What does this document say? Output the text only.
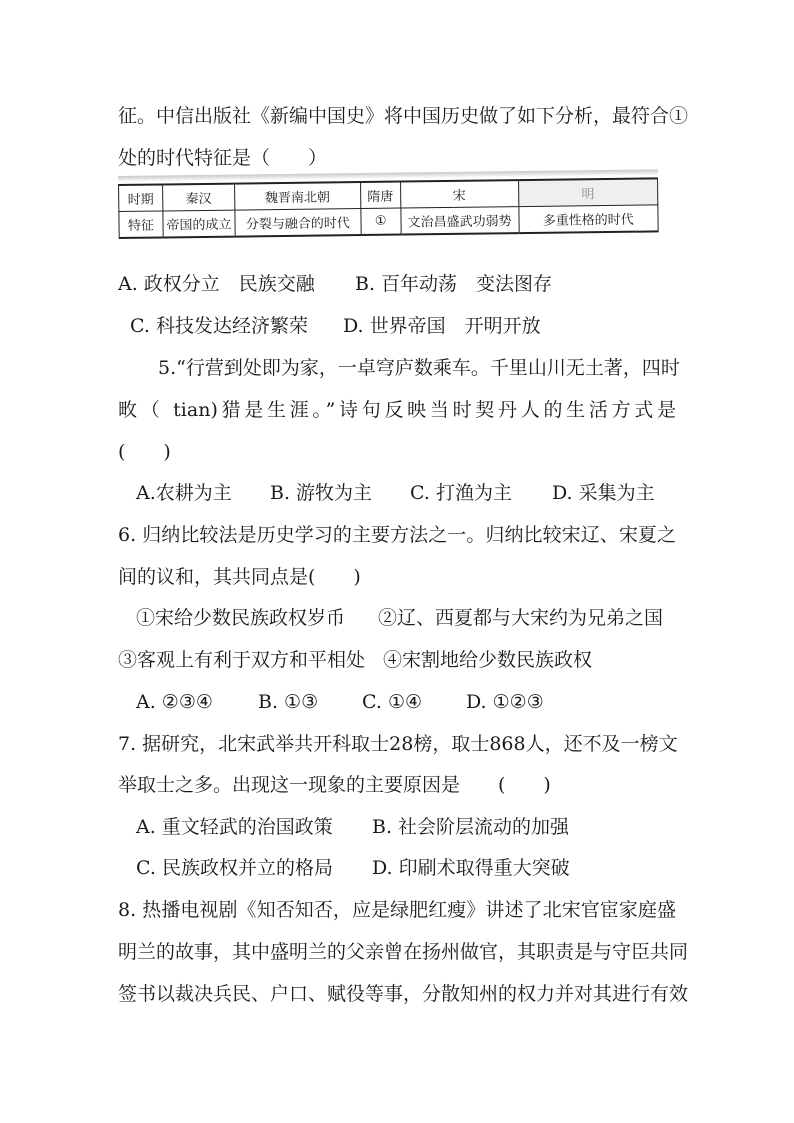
征。中信出版社《新编中国史》将中国历史做了如下分析，最符合①
处的时代特征是（　　）
时期	秦汉	魏晋南北朝	隋唐	宋	明
特征	帝国的成立	分裂与融合的时代	①	文治昌盛武功弱势	多重性格的时代
A. 政权分立　民族交融 B. 百年动荡　变法图存
C. 科技发达经济繁荣 D. 世界帝国　开明开放
5.“行营到处即为家，一卓穹庐数乘车。千里山川无土著，四时
畋（ tian)猎是生涯。”诗句反映当时契丹人的生活方式是
(　　)
A.农耕为主 B. 游牧为主 C. 打渔为主 D. 采集为主
6. 归纳比较法是历史学习的主要方法之一。归纳比较宋辽、宋夏之
间的议和，其共同点是(　　)
①宋给少数民族政权岁币 ②辽、西夏都与大宋约为兄弟之国
③客观上有利于双方和平相处 ④宋割地给少数民族政权
A. ②③④ B. ①③ C. ①④ D. ①②③
7. 据研究，北宋武举共开科取士28榜，取士868人，还不及一榜文
举取士之多。出现这一现象的主要原因是　　(　　)
A. 重文轻武的治国政策 B. 社会阶层流动的加强
C. 民族政权并立的格局 D. 印刷术取得重大突破
8. 热播电视剧《知否知否，应是绿肥红瘦》讲述了北宋官宦家庭盛
明兰的故事，其中盛明兰的父亲曾在扬州做官，其职责是与守臣共同
签书以裁决兵民、户口、赋役等事，分散知州的权力并对其进行有效
